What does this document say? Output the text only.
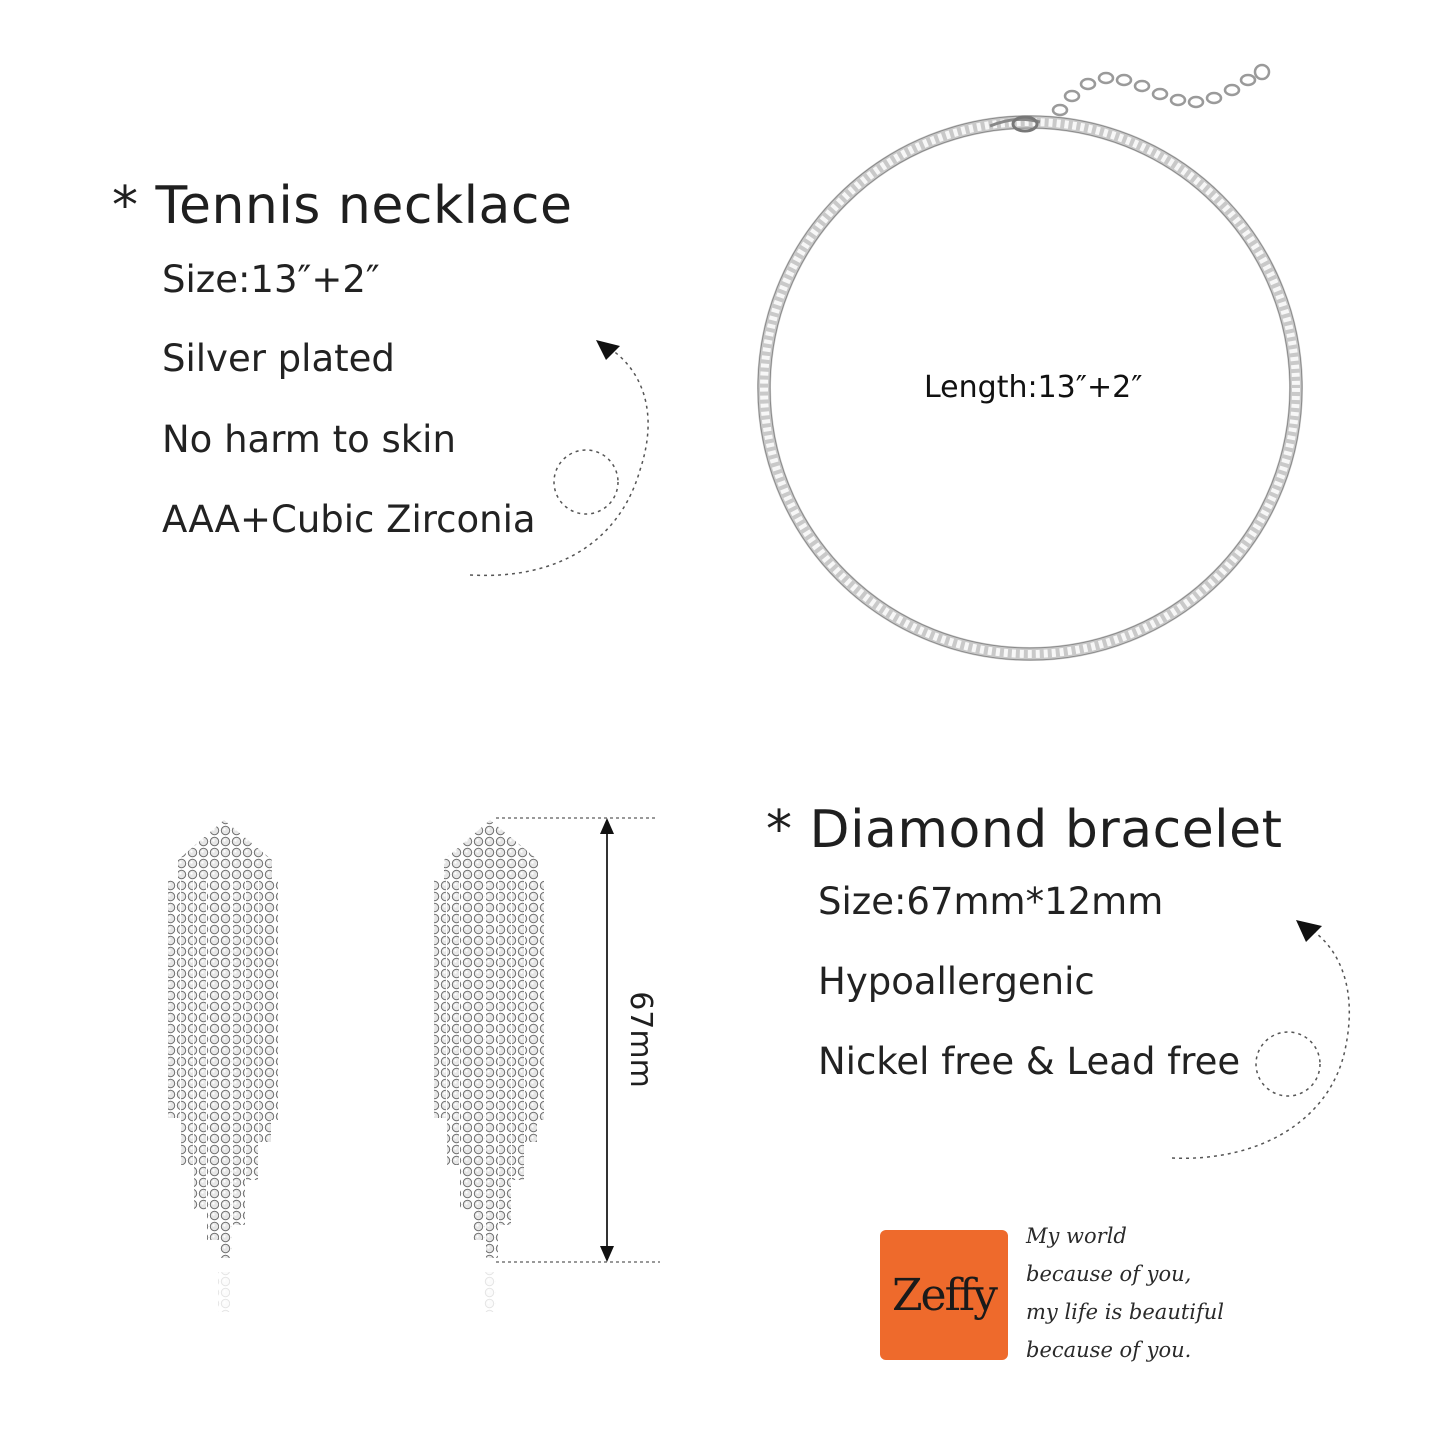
* Tennis necklace
Size:13″+2″
Silver plated
No harm to skin
AAA+Cubic Zirconia
Length:13″+2″
* Diamond bracelet
Size:67mm*12mm
Hypoallergenic
Nickel free & Lead free
67mm
Zeffy
My world
because of you,
my life is beautiful
because of you.
